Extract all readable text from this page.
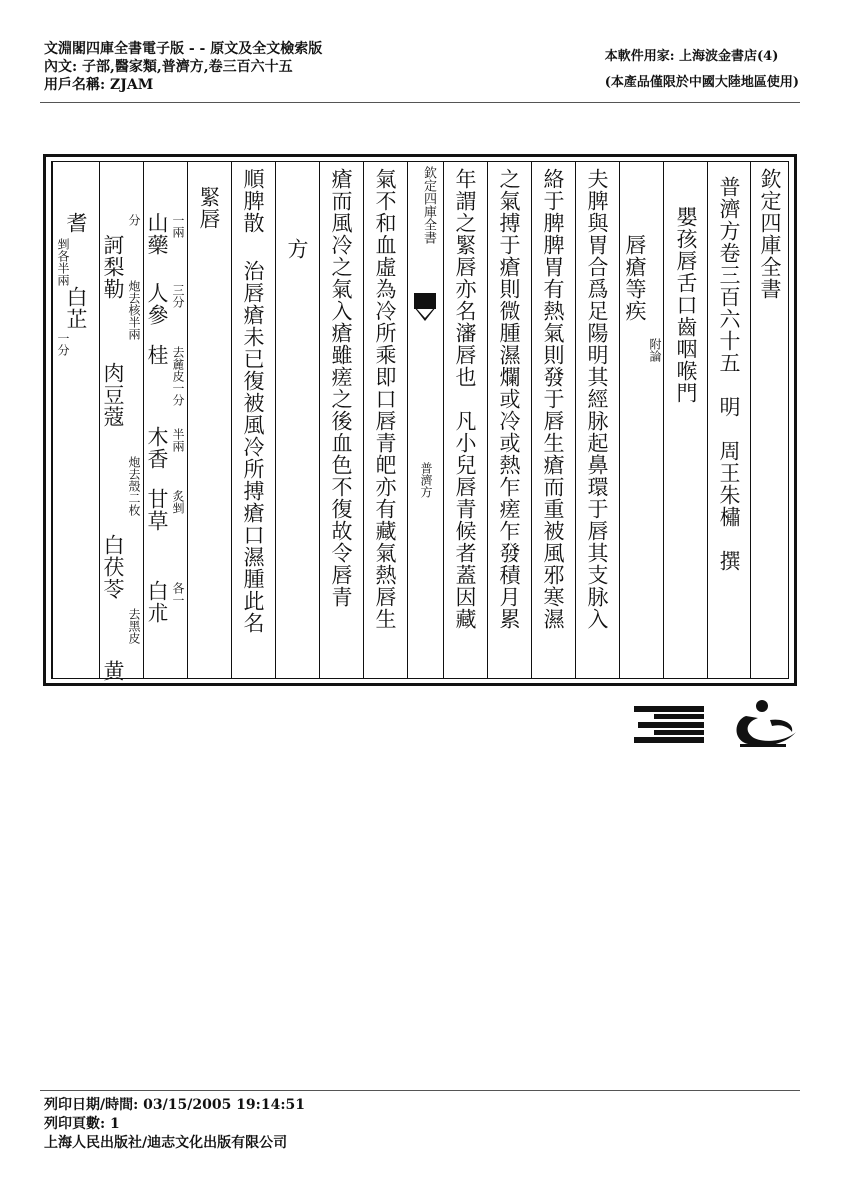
文淵閣四庫全書電子版 - - 原文及全文檢索版
內文: 子部,醫家類,普濟方,卷三百六十五
用戶名稱: ZJAM
本軟件用家: 上海波金書店(4)
(本產品僅限於中國大陸地區使用)
欽定四庫全書
普濟方卷三百六十五　明　周王朱橚　撰
嬰孩唇舌口齒咽喉門
唇瘡等疾
附論
夫脾與胃合爲足陽明其經脉起鼻環于唇其支脉入
絡于脾脾胃有熱氣則發于唇生瘡而重被風邪寒濕
之氣搏于瘡則微腫濕爛或冷或熱乍瘥乍發積月累
年謂之緊唇亦名瀋唇也　凡小兒唇青候者蓋因藏
欽定四庫全書
普濟方
氣不和血虛為冷所乘即口唇青皅亦有藏氣熱唇生
瘡而風冷之氣入瘡雖瘥之後血色不復故令唇青
方
順脾散
治唇瘡未已復被風冷所搏瘡口濕腫此名
緊唇
山藥 一兩
人參 三分
桂 去麄皮一分
木香 半兩
甘草 炙剉
白朮 各一
分
訶梨勒
炮去核半兩
肉豆蔻
炮去殼二枚
白茯苓
去黑皮
黄
耆
剉各半兩
白芷
一分
列印日期/時間: 03/15/2005 19:14:51
列印頁數: 1
上海人民出版社/迪志文化出版有限公司
